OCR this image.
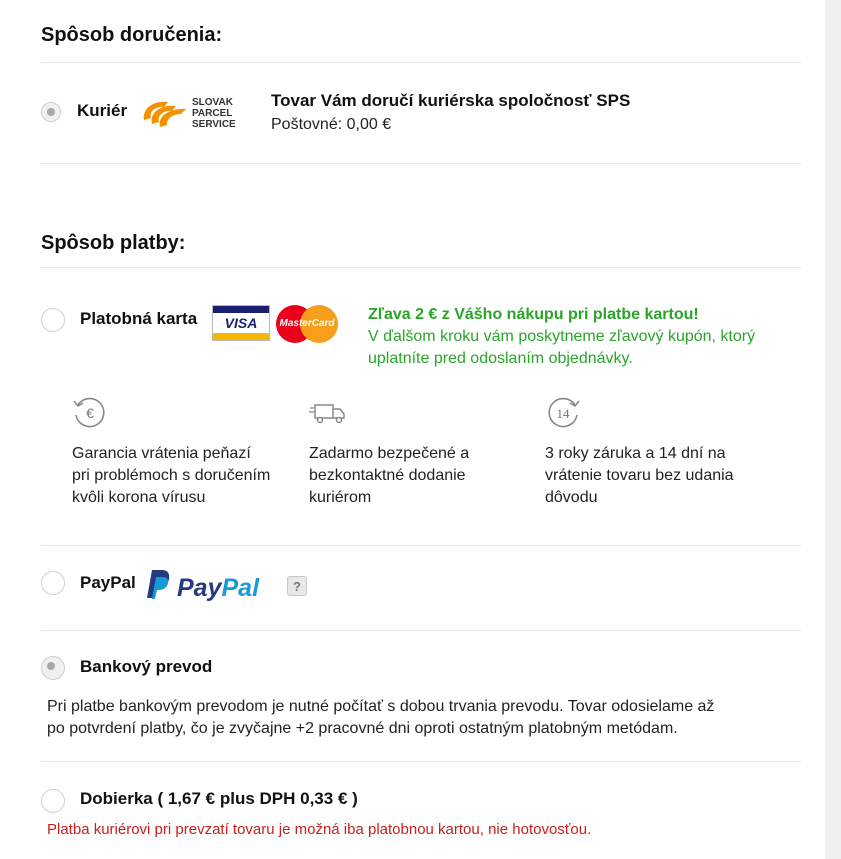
Spôsob doručenia:
Kuriér	SLOVAK
PARCEL
SERVICE
Tovar Vám doručí kuriérska spoločnosť SPS
Poštovné: 0,00 €
Spôsob platby:
Platobná karta	VISA	MasterCard
Zľava 2 € z Vášho nákupu pri platbe kartou!
V ďalšom kroku vám poskytneme zľavový kupón, ktorý
uplatníte pred odoslaním objednávky.
€
Garancia vrátenia peňazí
pri problémoch s doručením
kvôli korona vírusu
Zadarmo bezpečené a
bezkontaktné dodanie
kuriérom
14
3 roky záruka a 14 dní na
vrátenie tovaru bez udania
dôvodu
PayPal PayPal	?
Bankový prevod
Pri platbe bankovým prevodom je nutné počítať s dobou trvania prevodu. Tovar odosielame až
po potvrdení platby, čo je zvyčajne +2 pracovné dni oproti ostatným platobným metódam.
Dobierka ( 1,67 € plus DPH 0,33 € )
Platba kuriérovi pri prevzatí tovaru je možná iba platobnou kartou, nie hotovosťou.
